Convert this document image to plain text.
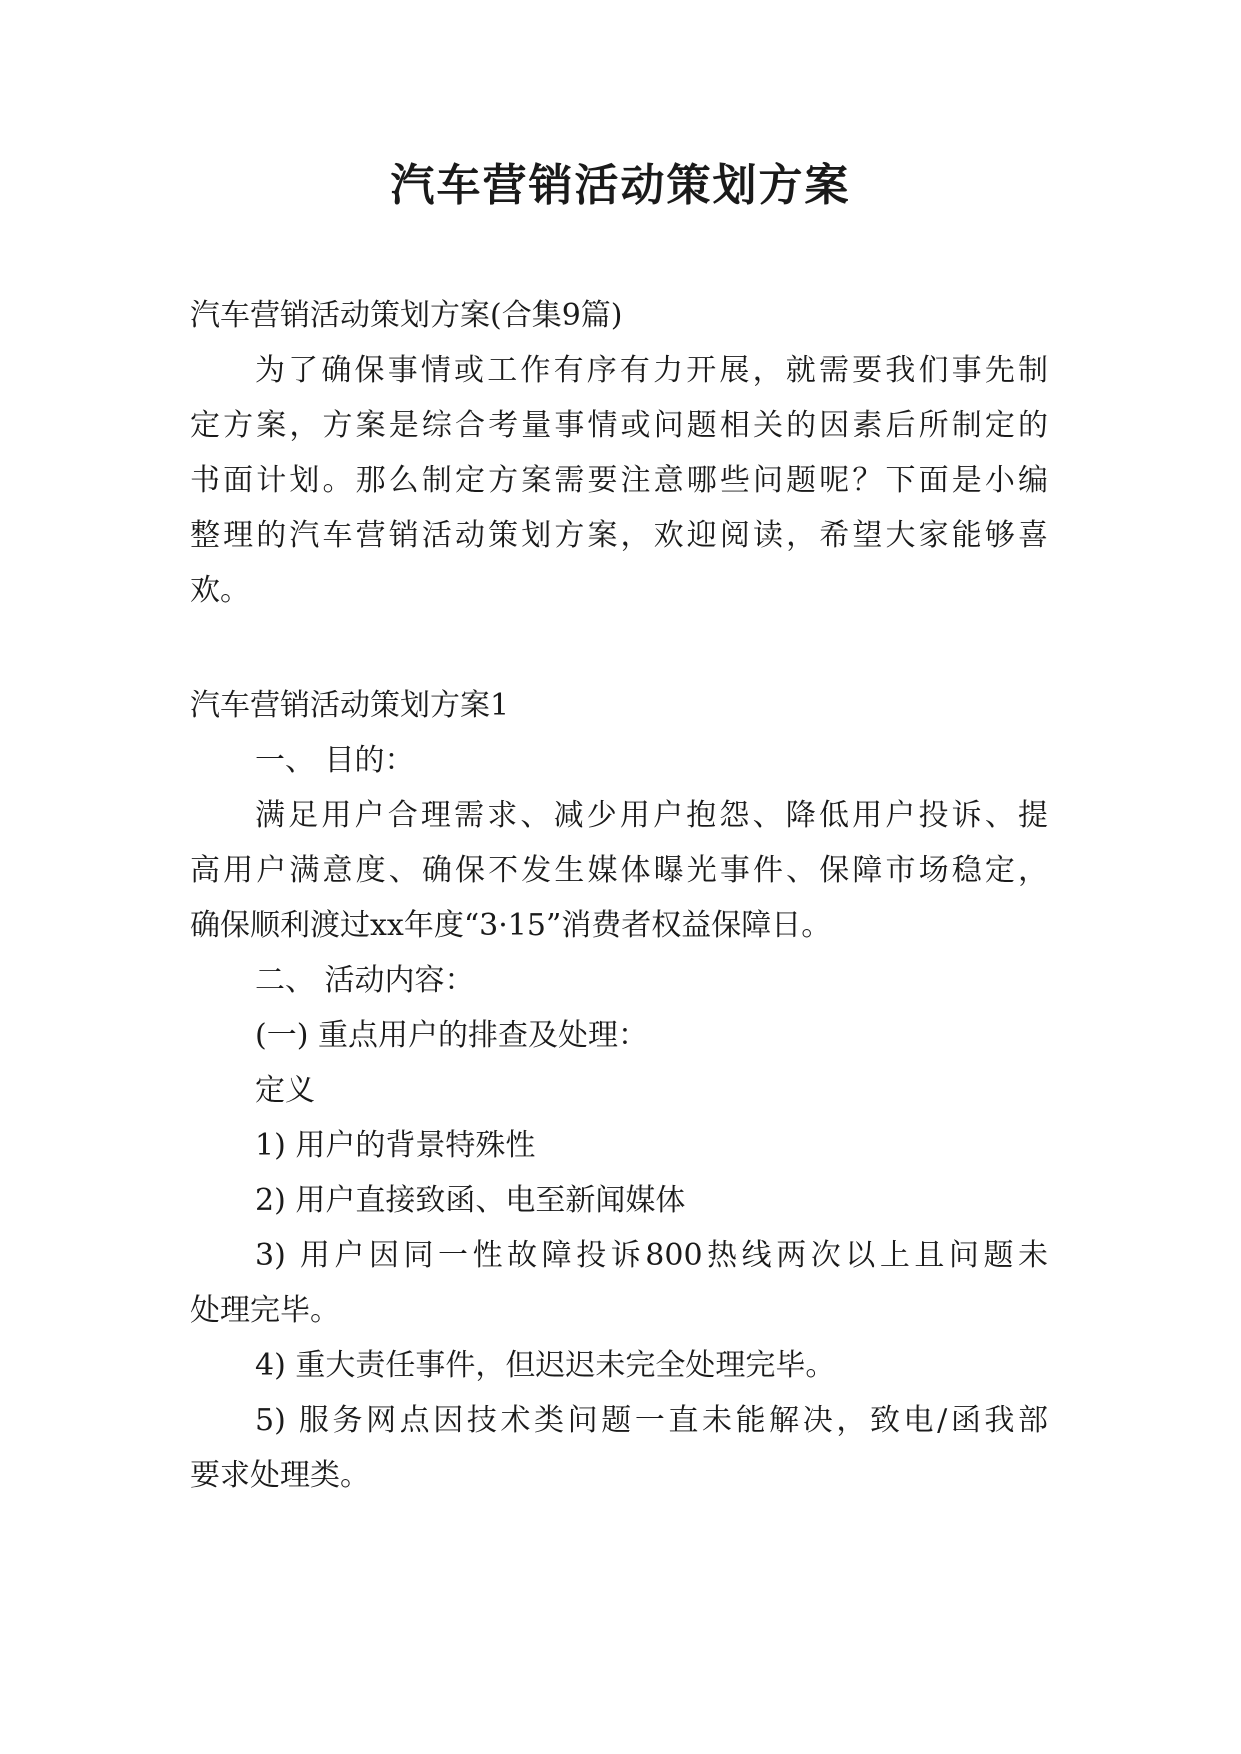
汽车营销活动策划方案

汽车营销活动策划方案(合集9篇)

为了确保事情或工作有序有力开展，就需要我们事先制

定方案，方案是综合考量事情或问题相关的因素后所制定的

书面计划。那么制定方案需要注意哪些问题呢？下面是小编

整理的汽车营销活动策划方案，欢迎阅读，希望大家能够喜

欢。

汽车营销活动策划方案1

一、 目的：

满足用户合理需求、减少用户抱怨、降低用户投诉、提

高用户满意度、确保不发生媒体曝光事件、保障市场稳定，

确保顺利渡过xx年度“3·15”消费者权益保障日。

二、 活动内容：

(一) 重点用户的排查及处理：

定义

1) 用户的背景特殊性

2) 用户直接致函、电至新闻媒体

3) 用户因同一性故障投诉800热线两次以上且问题未

处理完毕。

4) 重大责任事件，但迟迟未完全处理完毕。

5) 服务网点因技术类问题一直未能解决，致电/函我部

要求处理类。
